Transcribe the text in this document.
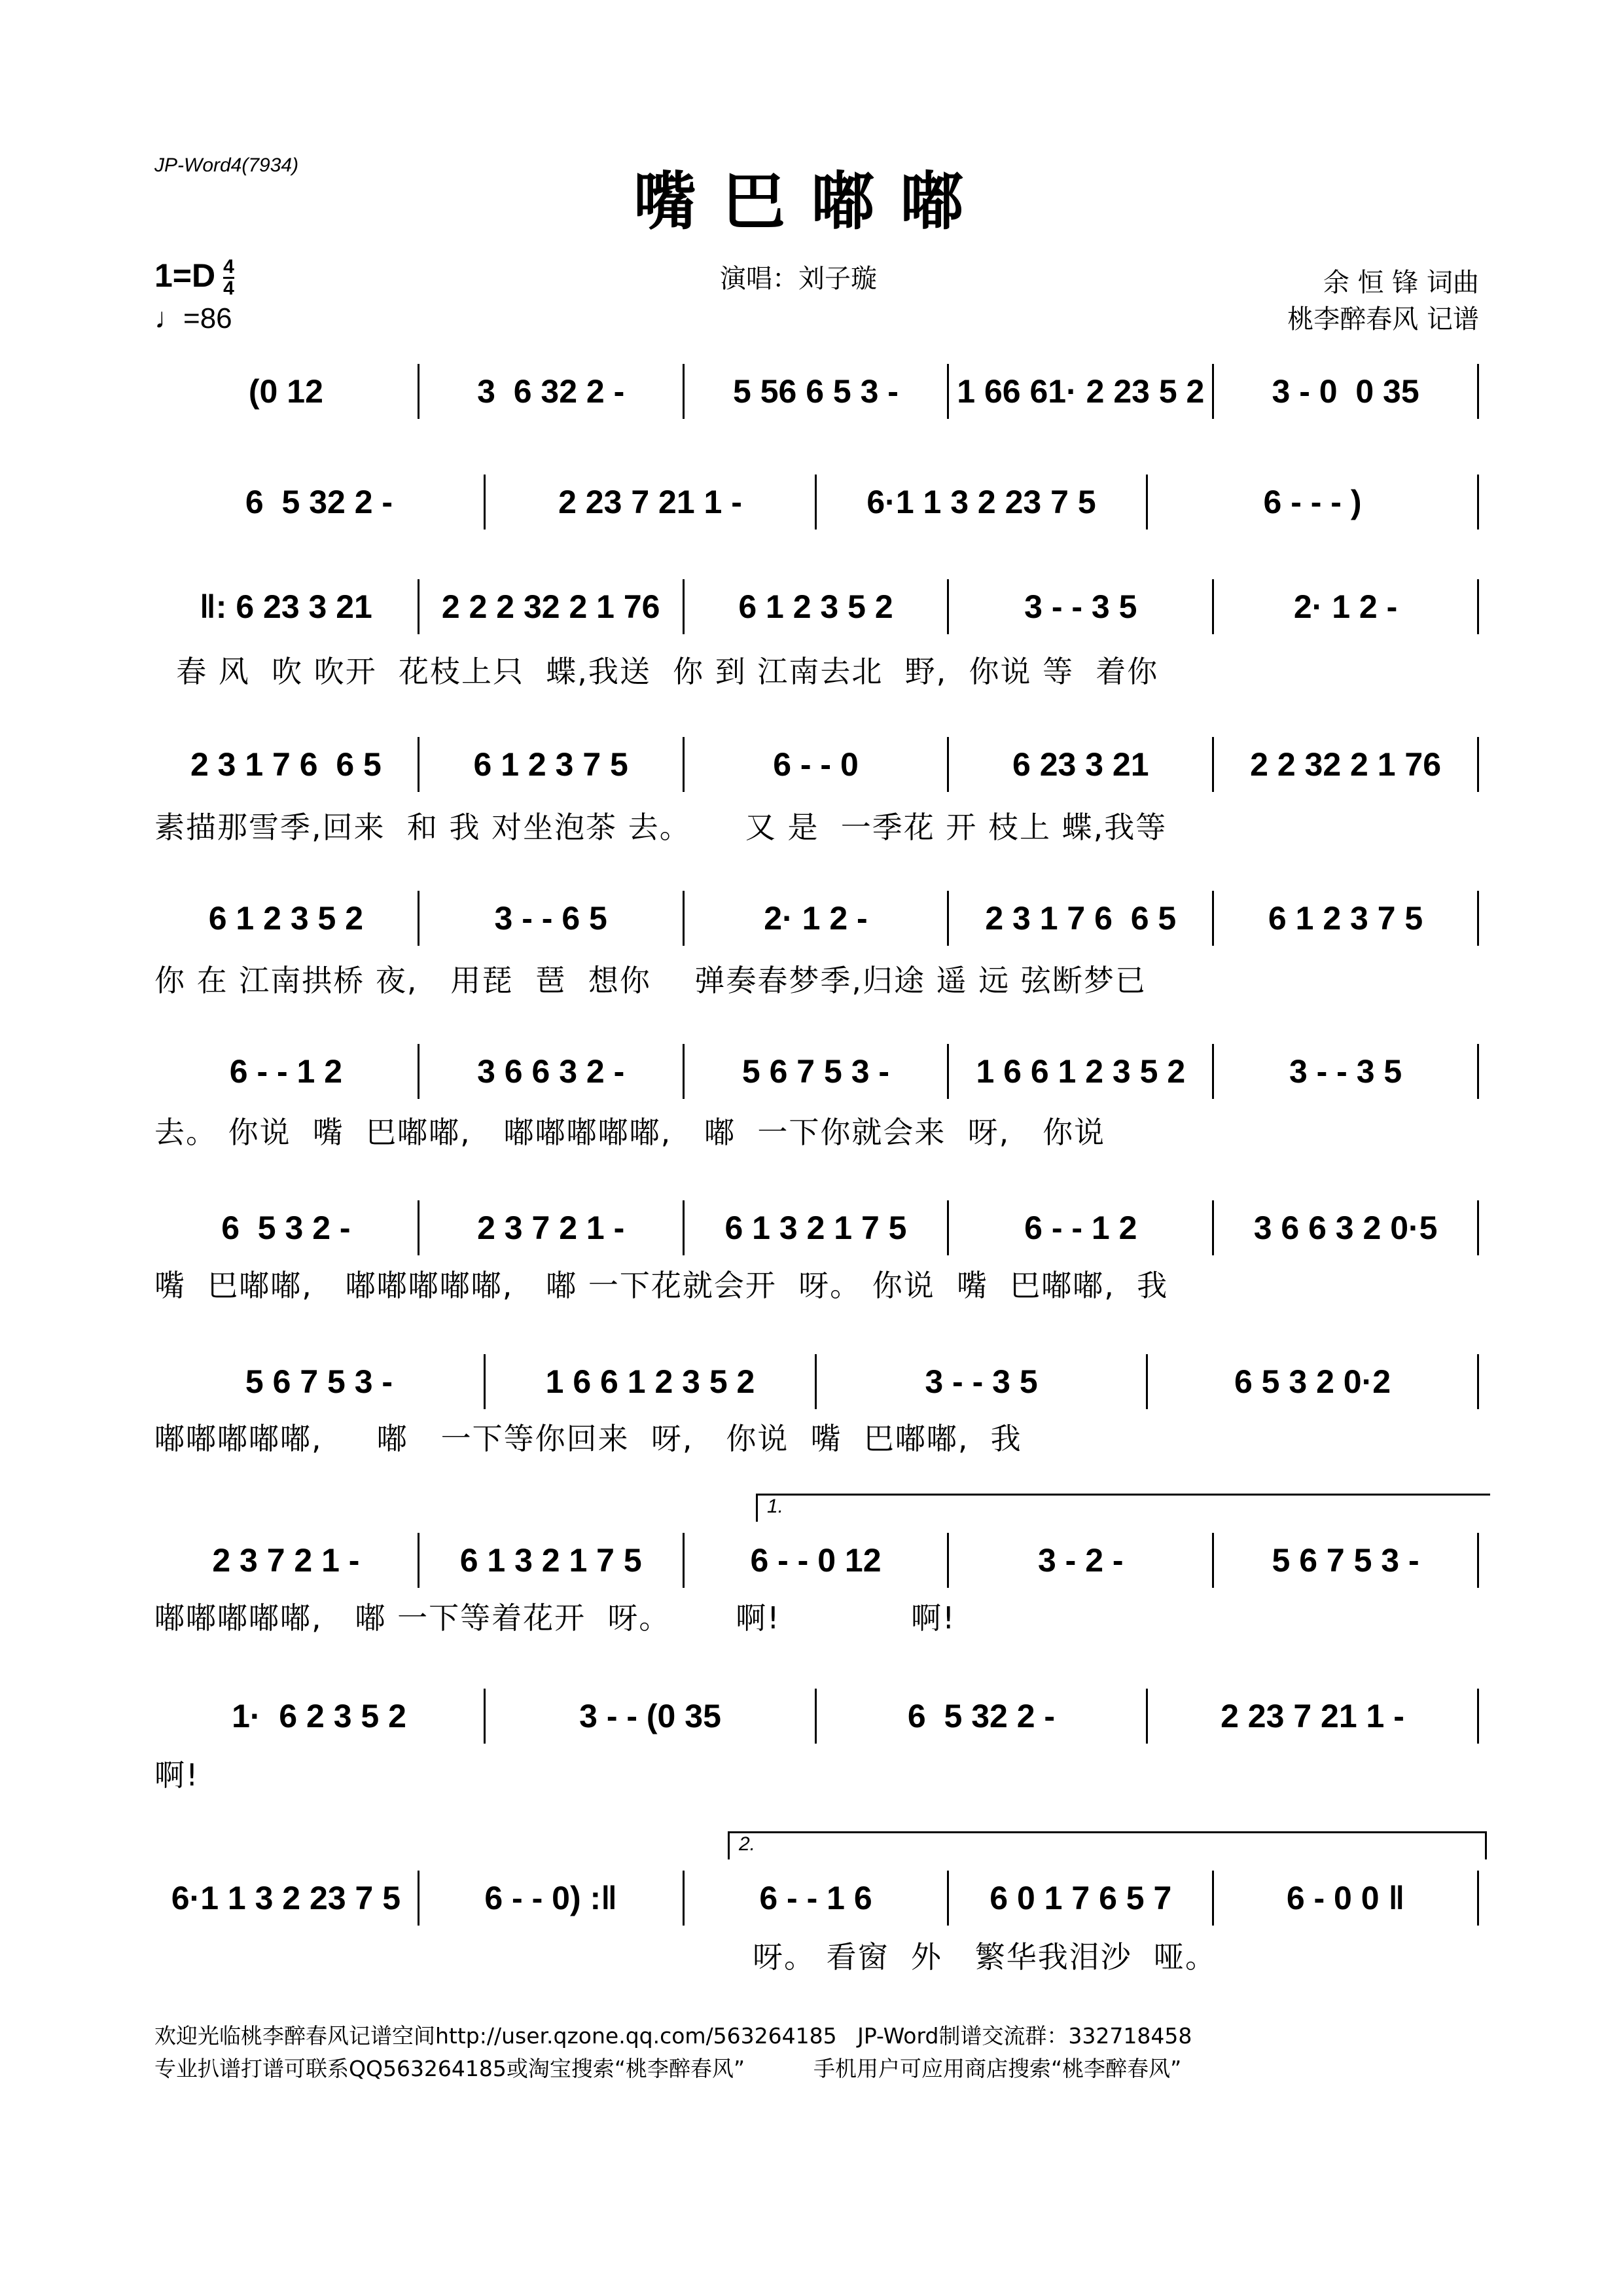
JP-Word4(7934)	嘴巴嘟嘟
$1=D \frac{4}{4}$
♩=86
演唱：刘子璇	余 恒 锋 词曲
桃李醉春风 记谱
(0 12	3  6 32 2 -	5 56 6 5 3 -	1 66 61· 2 23 5 2	3 - 0  0 35
6  5 32 2 -	2 23 7 21 1 -	6·1 1 3 2 23 7 5	6 - - - )
‖: 6 23 3 21	2 2 2 32 2 1 76	6 1 2 3 5 2	3 - - 3 5	2· 1 2 -
春 风  吹 吹开  花枝上只  蝶,我送  你 到 江南去北  野,  你说 等  着你
2 3 1 7 6  6 5	6 1 2 3 7 5	6 - - 0	6 23 3 21	2 2 32 2 1 76
素描那雪季,回来  和 我 对坐泡茶 去。     又 是  一季花 开 枝上 蝶,我等
6 1 2 3 5 2	3 - - 6 5	2· 1 2 -	2 3 1 7 6  6 5	6 1 2 3 7 5
你 在 江南拱桥 夜,   用琵  琶  想你    弹奏春梦季,归途 遥 远 弦断梦已
6 - - 1 2	3 6 6 3 2 -	5 6 7 5 3 -	1 6 6 1 2 3 5 2	3 - - 3 5
去。 你说  嘴  巴嘟嘟,   嘟嘟嘟嘟嘟,   嘟  一下你就会来  呀,   你说
6  5 3 2 -	2 3 7 2 1 -	6 1 3 2 1 7 5	6 - - 1 2	3 6 6 3 2 0·5
嘴  巴嘟嘟,   嘟嘟嘟嘟嘟,   嘟 一下花就会开  呀。 你说  嘴  巴嘟嘟,  我
5 6 7 5 3 -	1 6 6 1 2 3 5 2	3 - - 3 5	6 5 3 2 0·2
嘟嘟嘟嘟嘟,     嘟   一下等你回来  呀,   你说  嘴  巴嘟嘟,  我
2 3 7 2 1 -	6 1 3 2 1 7 5	6 - - 0 12	3 - 2 -	5 6 7 5 3 -
嘟嘟嘟嘟嘟,   嘟 一下等着花开  呀。      啊!            啊!
1.
1·  6 2 3 5 2	3 - - (0 35	6  5 32 2 -	2 23 7 21 1 -
啊!
6·1 1 3 2 23 7 5	6 - - 0) :‖	6 - - 1 6	6 0 1 7 6 5 7	6 - 0 0 ‖
呀。 看窗  外   繁华我泪沙  哑。
2.
欢迎光临桃李醉春风记谱空间http://user.qzone.qq.com/563264185   JP-Word制谱交流群：332718458
专业扒谱打谱可联系QQ563264185或淘宝搜索“桃李醉春风”          手机用户可应用商店搜索“桃李醉春风”
